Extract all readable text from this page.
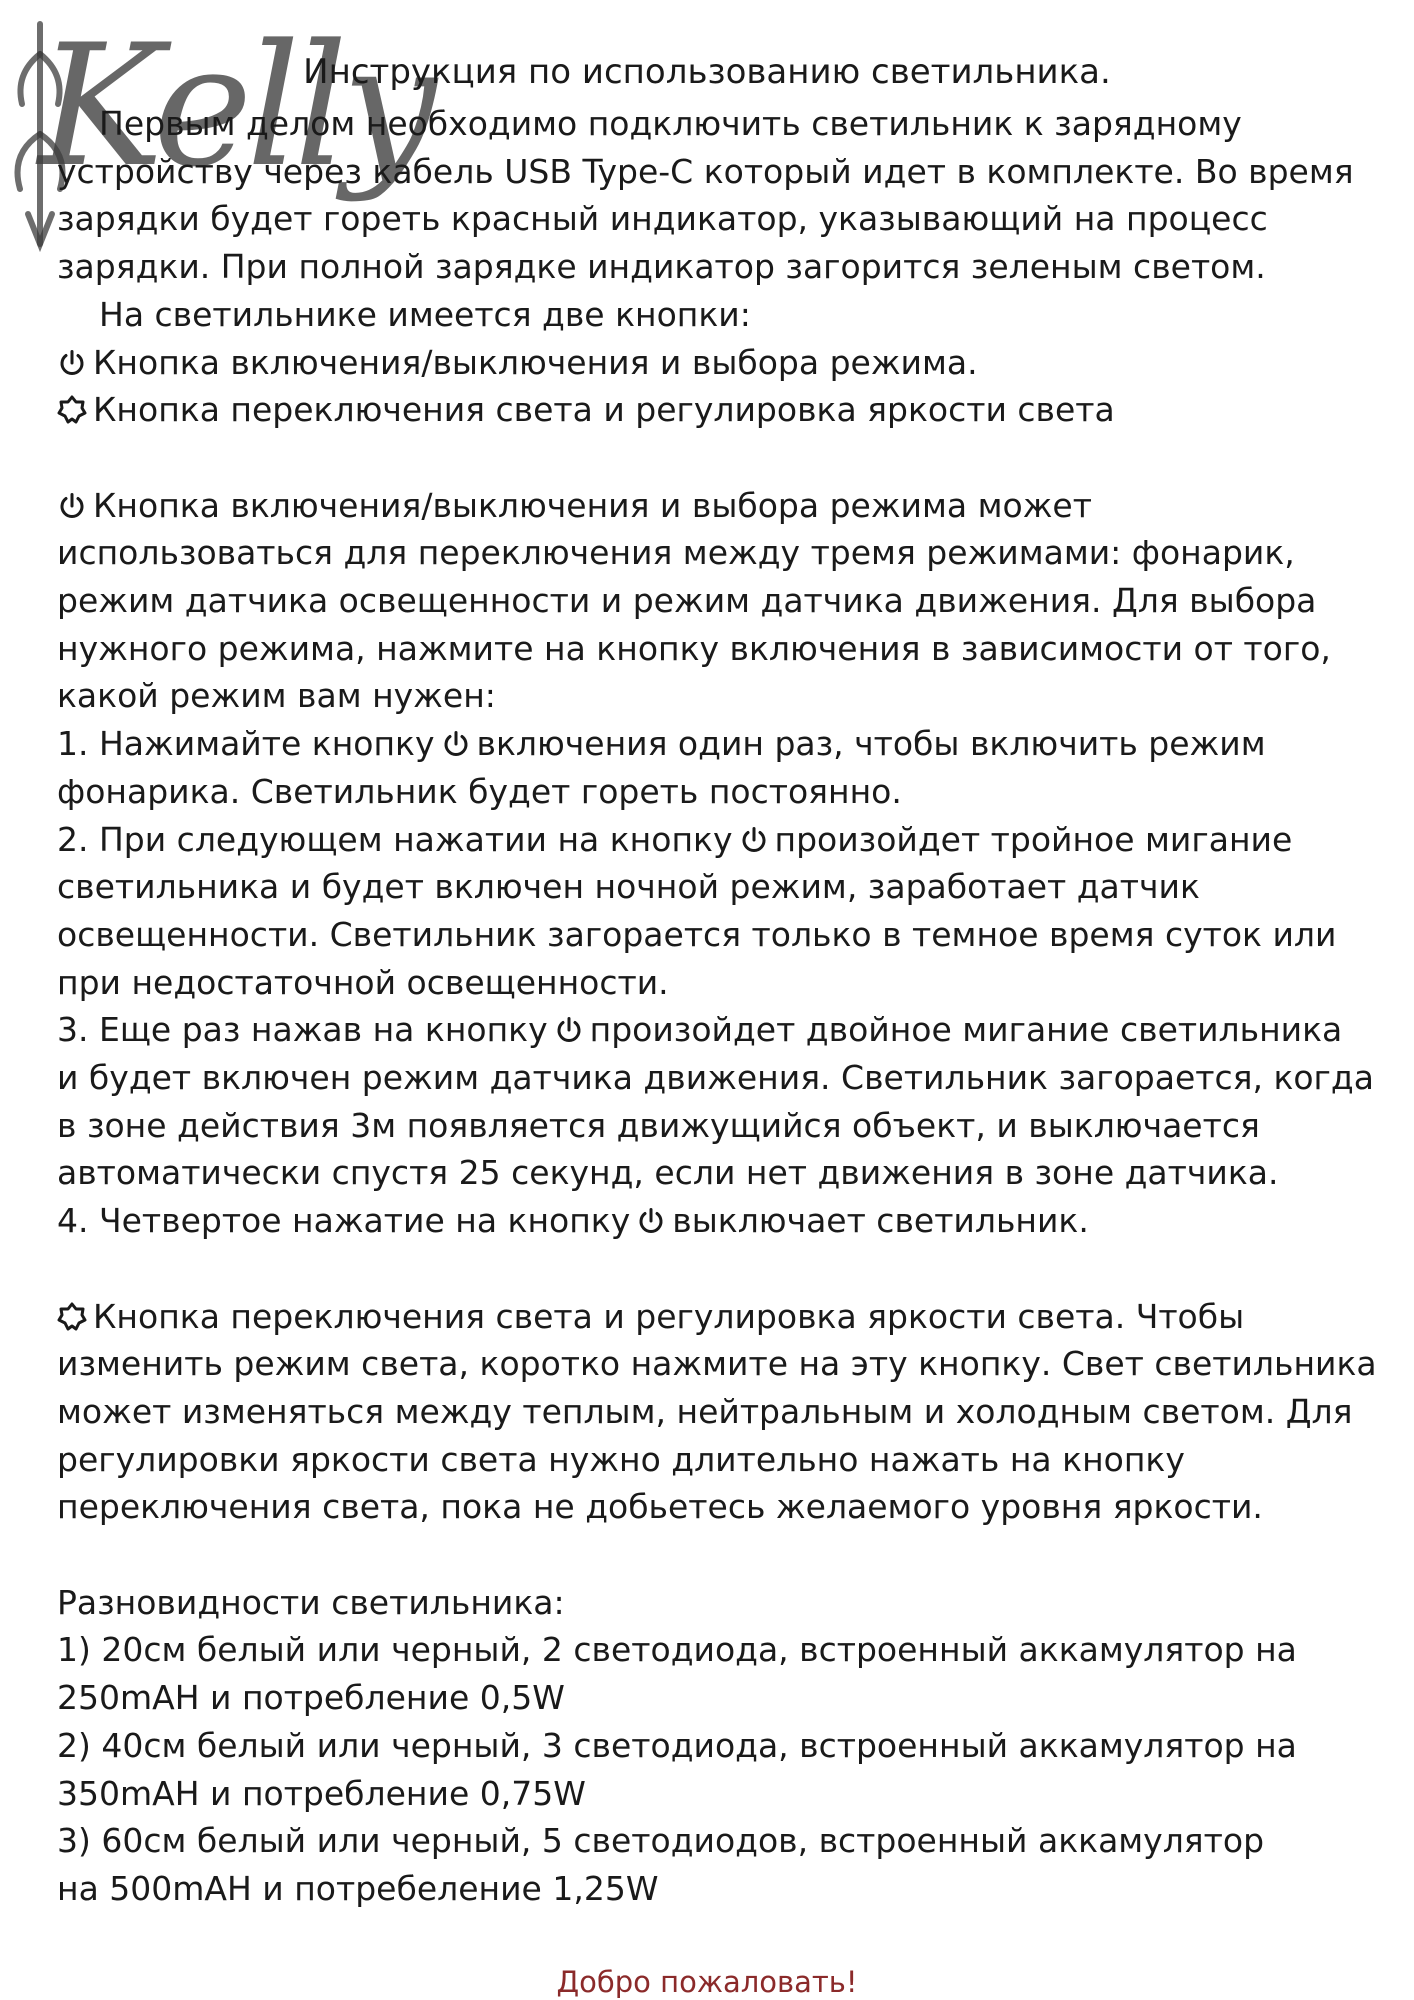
Kelly
Инструкция по использованию светильника.

Первым делом необходимо подключить светильник к зарядному

устройству через кабель USB Type-C который идет в комплекте. Во время

зарядки будет гореть красный индикатор, указывающий на процесс

зарядки. При полной зарядке индикатор загорится зеленым светом.

На светильнике имеется две кнопки:

Кнопка включения/выключения и выбора режима.

Кнопка переключения света и регулировка яркости света

Кнопка включения/выключения и выбора режима может

использоваться для переключения между тремя режимами: фонарик,

режим датчика освещенности и режим датчика движения. Для выбора

нужного режима, нажмите на кнопку включения в зависимости от того,

какой режим вам нужен:

1. Нажимайте кнопку включения один раз, чтобы включить режим

фонарика. Светильник будет гореть постоянно.

2. При следующем нажатии на кнопку произойдет тройное мигание

светильника и будет включен ночной режим, заработает датчик

освещенности. Светильник загорается только в темное время суток или

при недостаточной освещенности.

3. Еще раз нажав на кнопку произойдет двойное мигание светильника

и будет включен режим датчика движения. Светильник загорается, когда

в зоне действия 3м появляется движущийся объект, и выключается

автоматически спустя 25 секунд, если нет движения в зоне датчика.

4. Четвертое нажатие на кнопку выключает светильник.

Кнопка переключения света и регулировка яркости света. Чтобы

изменить режим света, коротко нажмите на эту кнопку. Свет светильника

может изменяться между теплым, нейтральным и холодным светом. Для

регулировки яркости света нужно длительно нажать на кнопку

переключения света, пока не добьетесь желаемого уровня яркости.

Разновидности светильника:

1) 20см белый или черный, 2 светодиода, встроенный аккамулятор на

250mAH и потребление 0,5W

2) 40см белый или черный, 3 светодиода, встроенный аккамулятор на

350mAH и потребление 0,75W

3) 60см белый или черный, 5 светодиодов, встроенный аккамулятор

на 500mAH и потребеление 1,25W

Добро пожаловать!
